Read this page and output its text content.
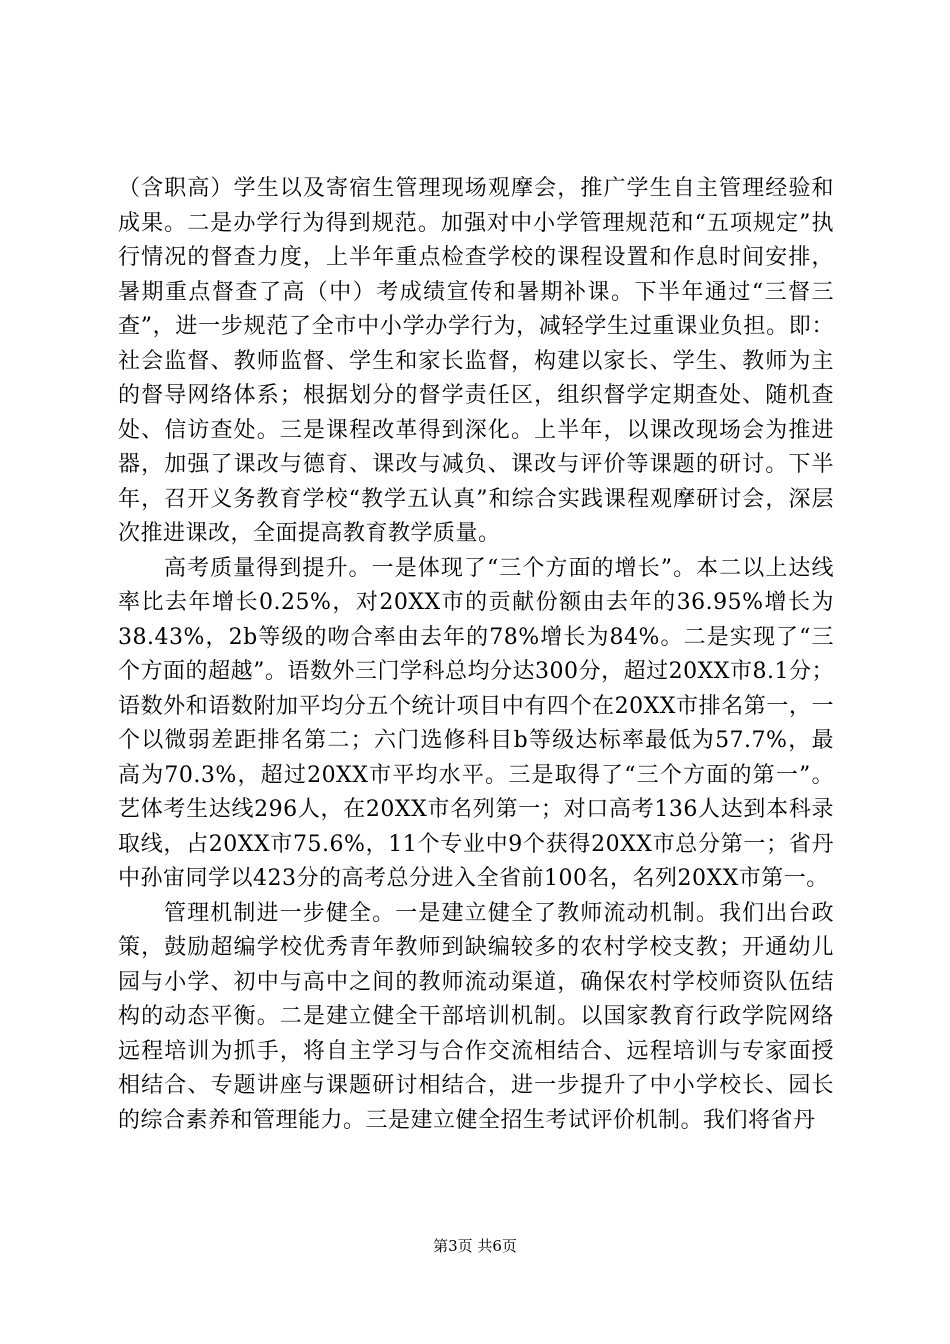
（含职高）学生以及寄宿生管理现场观摩会，推广学生自主管理经验和成果。二是办学行为得到规范。加强对中小学管理规范和“五项规定”执行情况的督查力度，上半年重点检查学校的课程设置和作息时间安排，暑期重点督查了高（中）考成绩宣传和暑期补课。下半年通过“三督三查”，进一步规范了全市中小学办学行为，减轻学生过重课业负担。即：社会监督、教师监督、学生和家长监督，构建以家长、学生、教师为主的督导网络体系；根据划分的督学责任区，组织督学定期查处、随机查处、信访查处。三是课程改革得到深化。上半年，以课改现场会为推进器，加强了课改与德育、课改与减负、课改与评价等课题的研讨。下半年，召开义务教育学校“教学五认真”和综合实践课程观摩研讨会，深层次推进课改，全面提高教育教学质量。

高考质量得到提升。一是体现了“三个方面的增长”。本二以上达线率比去年增长0.25%，对20XX市的贡献份额由去年的36.95%增长为38.43%，2b等级的吻合率由去年的78%增长为84%。二是实现了“三个方面的超越”。语数外三门学科总均分达300分，超过20XX市8.1分；语数外和语数附加平均分五个统计项目中有四个在20XX市排名第一，一个以微弱差距排名第二；六门选修科目b等级达标率最低为57.7%，最高为70.3%，超过20XX市平均水平。三是取得了“三个方面的第一”。艺体考生达线296人，在20XX市名列第一；对口高考136人达到本科录取线，占20XX市75.6%，11个专业中9个获得20XX市总分第一；省丹中孙宙同学以423分的高考总分进入全省前100名，名列20XX市第一。

管理机制进一步健全。一是建立健全了教师流动机制。我们出台政策，鼓励超编学校优秀青年教师到缺编较多的农村学校支教；开通幼儿园与小学、初中与高中之间的教师流动渠道，确保农村学校师资队伍结构的动态平衡。二是建立健全干部培训机制。以国家教育行政学院网络远程培训为抓手，将自主学习与合作交流相结合、远程培训与专家面授相结合、专题讲座与课题研讨相结合，进一步提升了中小学校长、园长的综合素养和管理能力。三是建立健全招生考试评价机制。我们将省丹

第3页 共6页
